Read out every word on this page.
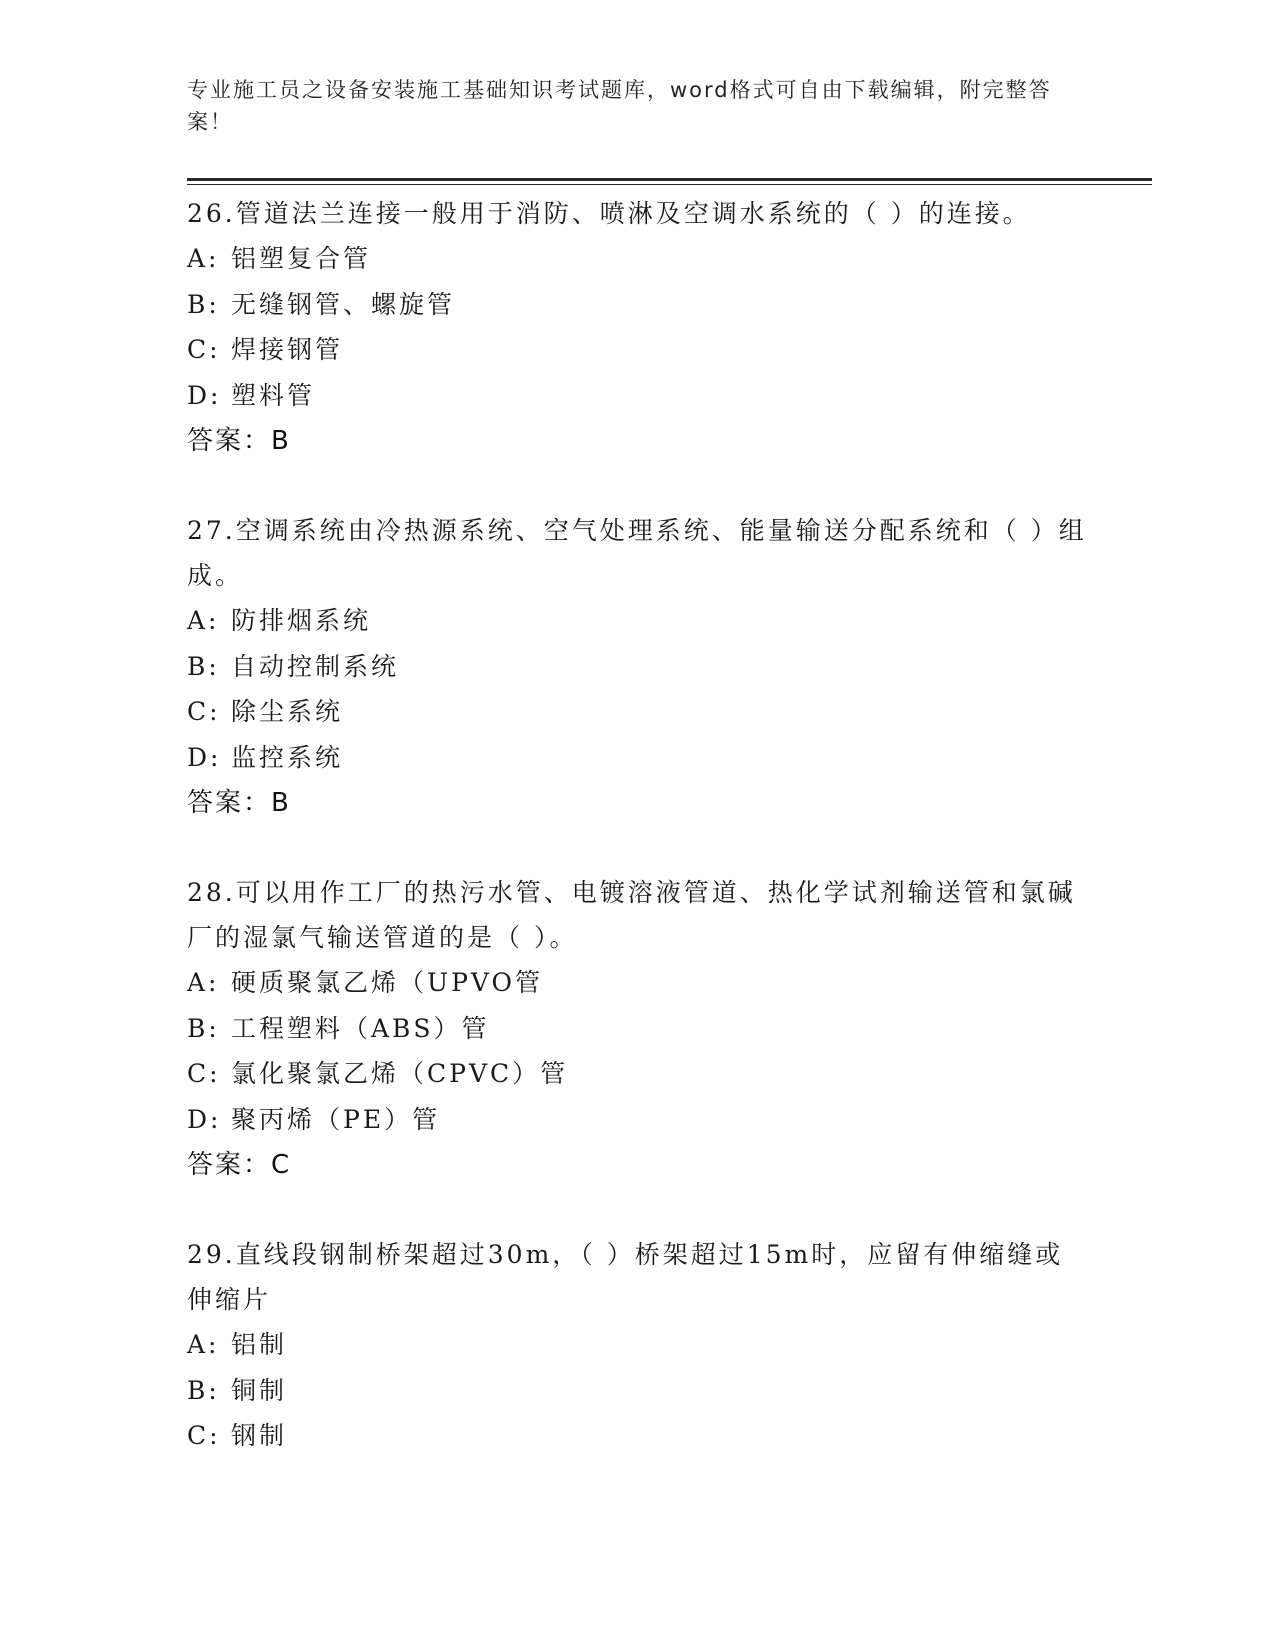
专业施工员之设备安装施工基础知识考试题库，word格式可自由下载编辑，附完整答案！
26.管道法兰连接一般用于消防、喷淋及空调水系统的（ ）的连接。
A: 铝塑复合管
B: 无缝钢管、螺旋管
C: 焊接钢管
D: 塑料管
答案：B
27.空调系统由冷热源系统、空气处理系统、能量输送分配系统和（ ）组成。
A: 防排烟系统
B: 自动控制系统
C: 除尘系统
D: 监控系统
答案：B
28.可以用作工厂的热污水管、电镀溶液管道、热化学试剂输送管和氯碱厂的湿氯气输送管道的是（ ）。
A: 硬质聚氯乙烯（UPVO管
B: 工程塑料（ABS）管
C: 氯化聚氯乙烯（CPVC）管
D: 聚丙烯（PE）管
答案：C
29.直线段钢制桥架超过30m，（ ）桥架超过15m时，应留有伸缩缝或伸缩片
A: 铝制
B: 铜制
C: 钢制
